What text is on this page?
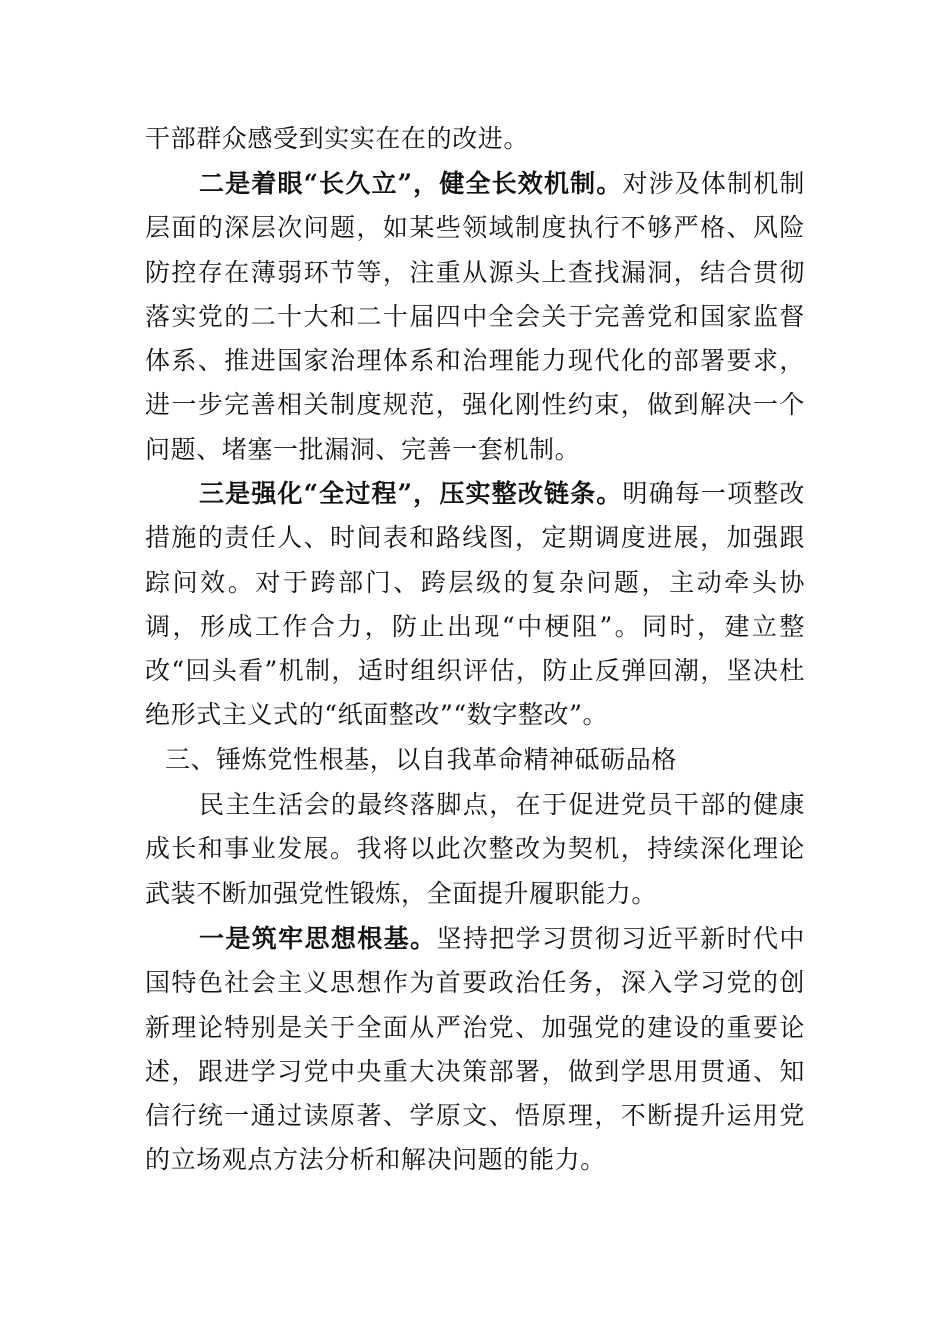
干部群众感受到实实在在的改进。

二是着眼“长久立”，健全长效机制。对涉及体制机制层面的深层次问题，如某些领域制度执行不够严格、风险防控存在薄弱环节等，注重从源头上查找漏洞，结合贯彻落实党的二十大和二十届四中全会关于完善党和国家监督体系、推进国家治理体系和治理能力现代化的部署要求，进一步完善相关制度规范，强化刚性约束，做到解决一个问题、堵塞一批漏洞、完善一套机制。

三是强化“全过程”，压实整改链条。明确每一项整改措施的责任人、时间表和路线图，定期调度进展，加强跟踪问效。对于跨部门、跨层级的复杂问题，主动牵头协调，形成工作合力，防止出现“中梗阻”。同时，建立整改“回头看”机制，适时组织评估，防止反弹回潮，坚决杜绝形式主义式的“纸面整改”“数字整改”。

三、锤炼党性根基，以自我革命精神砥砺品格

民主生活会的最终落脚点，在于促进党员干部的健康成长和事业发展。我将以此次整改为契机，持续深化理论武装不断加强党性锻炼，全面提升履职能力。

一是筑牢思想根基。坚持把学习贯彻习近平新时代中国特色社会主义思想作为首要政治任务，深入学习党的创新理论特别是关于全面从严治党、加强党的建设的重要论述，跟进学习党中央重大决策部署，做到学思用贯通、知信行统一通过读原著、学原文、悟原理，不断提升运用党的立场观点方法分析和解决问题的能力。
